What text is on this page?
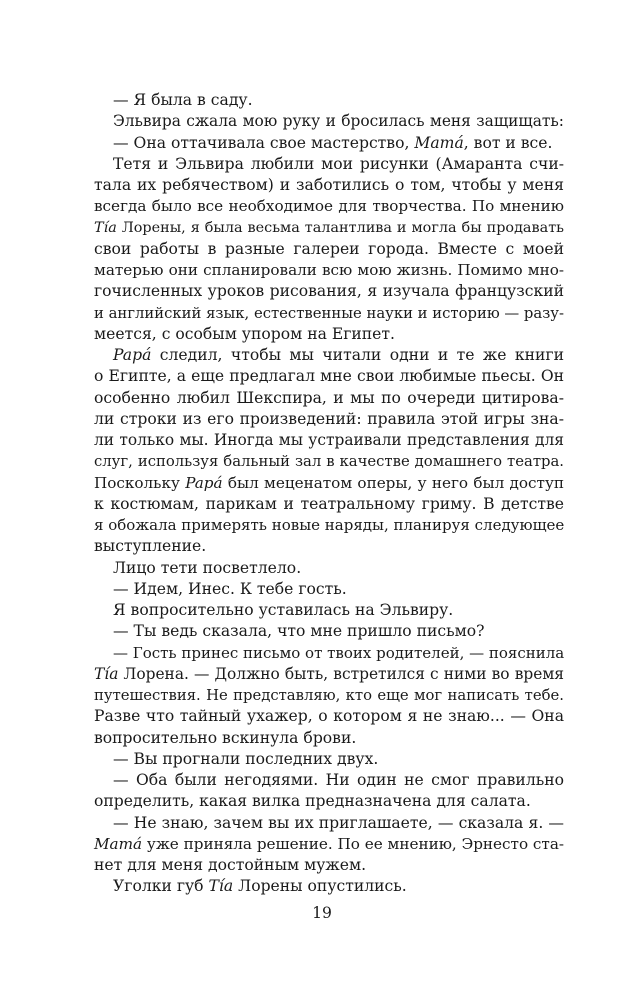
— Я была в саду.
Эльвира сжала мою руку и бросилась меня защищать:
— Она оттачивала свое мастерство, Mamá, вот и все.
Тетя и Эльвира любили мои рисунки (Амаранта счи-
тала их ребячеством) и заботились о том, чтобы у меня
всегда было все необходимое для творчества. По мнению
Tía Лорены, я была весьма талантлива и могла бы продавать
свои работы в разные галереи города. Вместе с моей
матерью они спланировали всю мою жизнь. Помимо мно-
гочисленных уроков рисования, я изучала французский
и английский язык, естественные науки и историю — разу-
меется, с особым упором на Египет.
Papá следил, чтобы мы читали одни и те же книги
о Египте, а еще предлагал мне свои любимые пьесы. Он
особенно любил Шекспира, и мы по очереди цитирова-
ли строки из его произведений: правила этой игры зна-
ли только мы. Иногда мы устраивали представления для
слуг, используя бальный зал в качестве домашнего театра.
Поскольку Papá был меценатом оперы, у него был доступ
к костюмам, парикам и театральному гриму. В детстве
я обожала примерять новые наряды, планируя следующее
выступление.
Лицо тети посветлело.
— Идем, Инес. К тебе гость.
Я вопросительно уставилась на Эльвиру.
— Ты ведь сказала, что мне пришло письмо?
— Гость принес письмо от твоих родителей, — пояснила
Tía Лорена. — Должно быть, встретился с ними во время
путешествия. Не представляю, кто еще мог написать тебе.
Разве что тайный ухажер, о котором я не знаю... — Она
вопросительно вскинула брови.
— Вы прогнали последних двух.
— Оба были негодяями. Ни один не смог правильно
определить, какая вилка предназначена для салата.
— Не знаю, зачем вы их приглашаете, — сказала я. —
Mamá уже приняла решение. По ее мнению, Эрнесто ста-
нет для меня достойным мужем.
Уголки губ Tía Лорены опустились.
19
